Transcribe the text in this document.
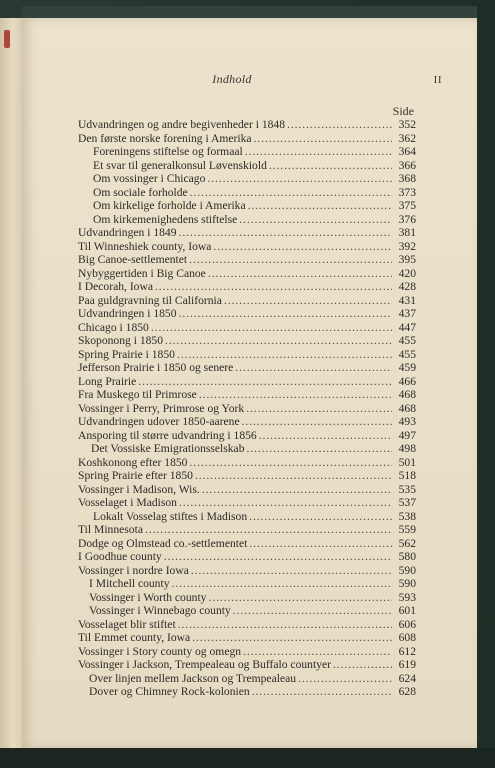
Indhold	II
Side
Udvandringen og andre begivenheder i 1848 . . .	352
Den første norske forening i Amerika . . .	362
Foreningens stiftelse og formaal . . .	364
Et svar til generalkonsul Løvenskiold . . .	366
Om vossinger i Chicago . . .	368
Om sociale forholde . . .	373
Om kirkelige forholde i Amerika . . .	375
Om kirkemenighedens stiftelse . . .	376
Udvandringen i 1849 . . .	381
Til Winneshiek county, Iowa . . .	392
Big Canoe-settlementet . . .	395
Nybyggertiden i Big Canoe . . .	420
I Decorah, Iowa . . .	428
Paa guldgravning til California . . .	431
Udvandringen i 1850 . . .	437
Chicago i 1850 . . .	447
Skoponong i 1850 . . .	455
Spring Prairie i 1850 . . .	455
Jefferson Prairie i 1850 og senere . . .	459
Long Prairie . . .	466
Fra Muskego til Primrose . . .	468
Vossinger i Perry, Primrose og York . . .	468
Udvandringen udover 1850-aarene . . .	493
Ansporing til større udvandring i 1856 . . .	497
Det Vossiske Emigrationsselskab . . .	498
Koshkonong efter 1850 . . .	501
Spring Prairie efter 1850 . . .	518
Vossinger i Madison, Wis. . . .	535
Vosselaget i Madison . . .	537
Lokalt Vosselag stiftes i Madison . . .	538
Til Minnesota . . .	559
Dodge og Olmstead co.-settlementet . . .	562
I Goodhue county . . .	580
Vossinger i nordre Iowa . . .	590
I Mitchell county . . .	590
Vossinger i Worth county . . .	593
Vossinger i Winnebago county . . .	601
Vosselaget blir stiftet . . .	606
Til Emmet county, Iowa . . .	608
Vossinger i Story county og omegn . . .	612
Vossinger i Jackson, Trempealeau og Buffalo countyer . . .	619
Over linjen mellem Jackson og Trempealeau . . .	624
Dover og Chimney Rock-kolonien . . .	628
